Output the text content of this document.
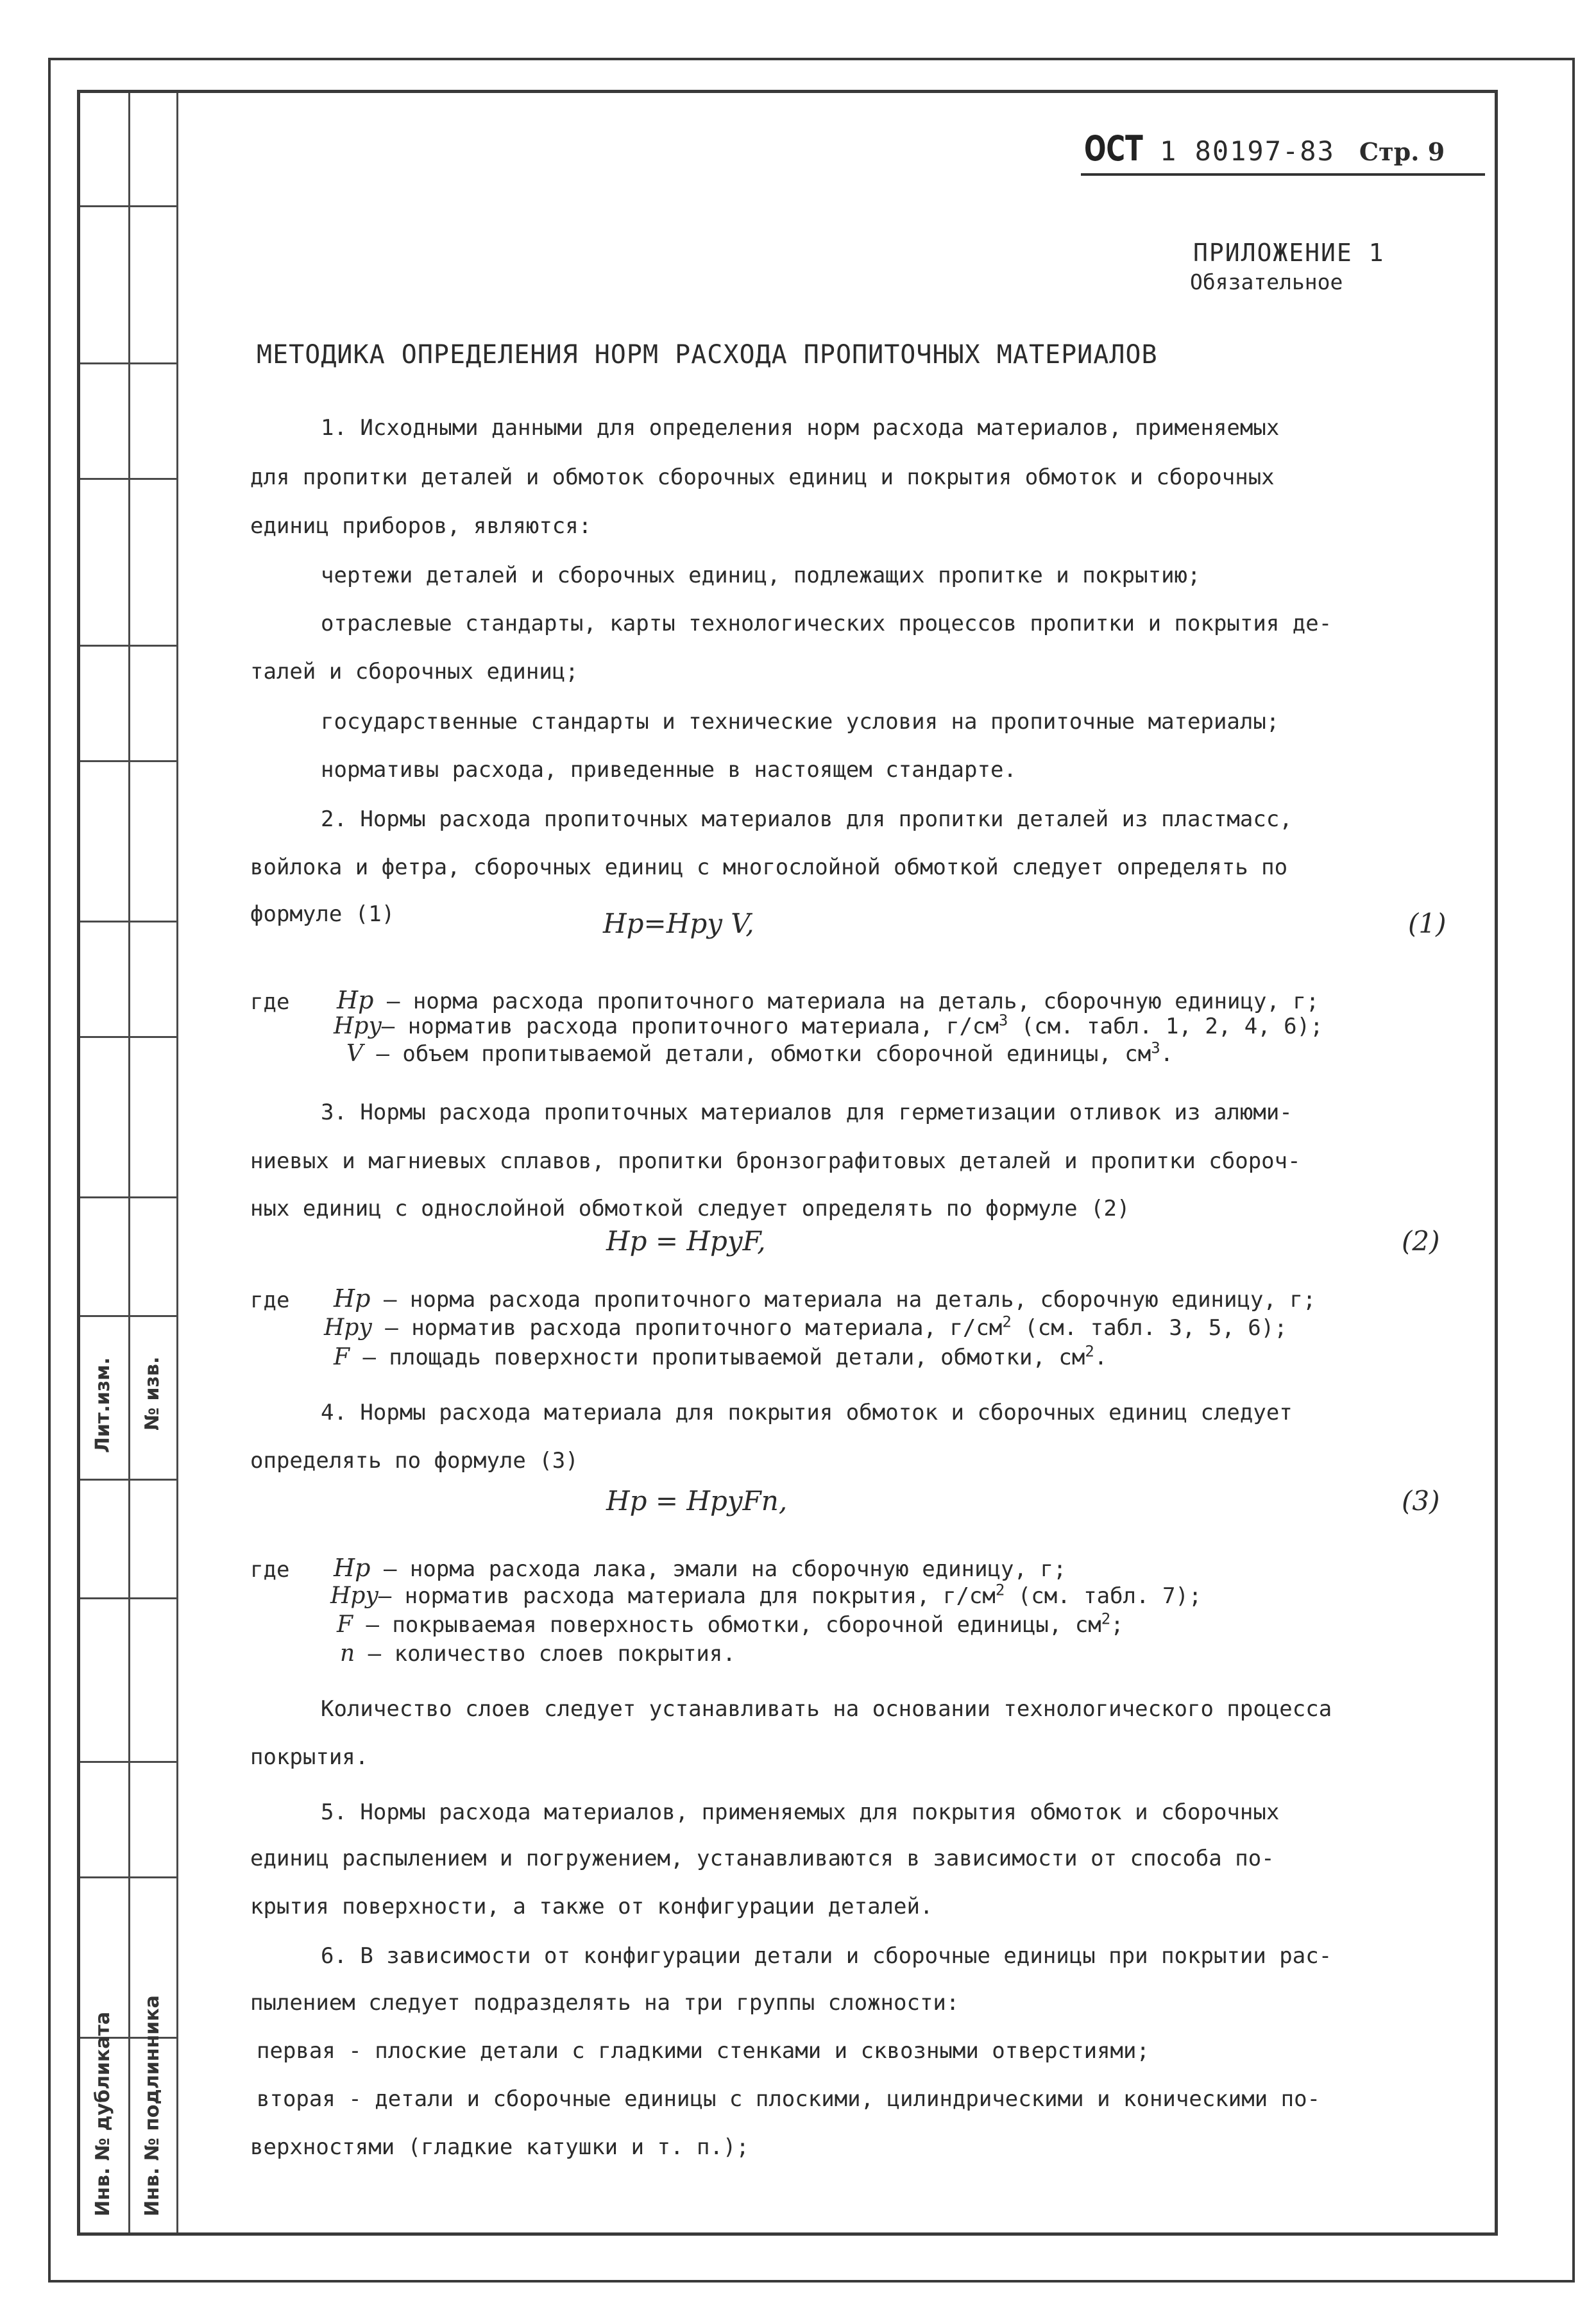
Лит.изм. № изв.
Инв. № дубликата Инв. № подлинника
ОСТ 1 80197-83 Стр. 9
ПРИЛОЖЕНИЕ 1
Обязательное
МЕТОДИКА ОПРЕДЕЛЕНИЯ НОРМ РАСХОДА ПРОПИТОЧНЫХ МАТЕРИАЛОВ
1. Исходными данными для определения норм расхода материалов, применяемых
для пропитки деталей и обмоток сборочных единиц и покрытия обмоток и сборочных
единиц приборов, являются:
чертежи деталей и сборочных единиц, подлежащих пропитке и покрытию;
отраслевые стандарты, карты технологических процессов пропитки и покрытия де-
талей и сборочных единиц;
государственные стандарты и технические условия на пропиточные материалы;
нормативы расхода, приведенные в настоящем стандарте.
2. Нормы расхода пропиточных материалов для пропитки деталей из пластмасс,
войлока и фетра, сборочных единиц с многослойной обмоткой следует определять по
формуле (1)	Hp=Hpy V,	(1)
где Hp – норма расхода пропиточного материала на деталь, сборочную единицу, г;
Hpy– норматив расхода пропиточного материала, $г/см^3$ (см. табл. 1, 2, 4, 6);
V – объем пропитываемой детали, обмотки сборочной единицы, $см^3$.
3. Нормы расхода пропиточных материалов для герметизации отливок из алюми-
ниевых и магниевых сплавов, пропитки бронзографитовых деталей и пропитки сбороч-
ных единиц с однослойной обмоткой следует определять по формуле (2)
Hp = HpyF,	(2)
где Hp – норма расхода пропиточного материала на деталь, сборочную единицу, г;
Hpy – норматив расхода пропиточного материала, $г/см^2$ (см. табл. 3, 5, 6);
F – площадь поверхности пропитываемой детали, обмотки, $см^2$.
4. Нормы расхода материала для покрытия обмоток и сборочных единиц следует
определять по формуле (3)
Hp = HpyFn,	(3)
где Hp – норма расхода лака, эмали на сборочную единицу, г;
Hpy– норматив расхода материала для покрытия, $г/см^2$ (см. табл. 7);
F – покрываемая поверхность обмотки, сборочной единицы, $см^2$;
n – количество слоев покрытия.
Количество слоев следует устанавливать на основании технологического процесса
покрытия.
5. Нормы расхода материалов, применяемых для покрытия обмоток и сборочных
единиц распылением и погружением, устанавливаются в зависимости от способа по-
крытия поверхности, а также от конфигурации деталей.
6. В зависимости от конфигурации детали и сборочные единицы при покрытии рас-
пылением следует подразделять на три группы сложности:
первая - плоские детали с гладкими стенками и сквозными отверстиями;
вторая - детали и сборочные единицы с плоскими, цилиндрическими и коническими по-
верхностями (гладкие катушки и т. п.);
